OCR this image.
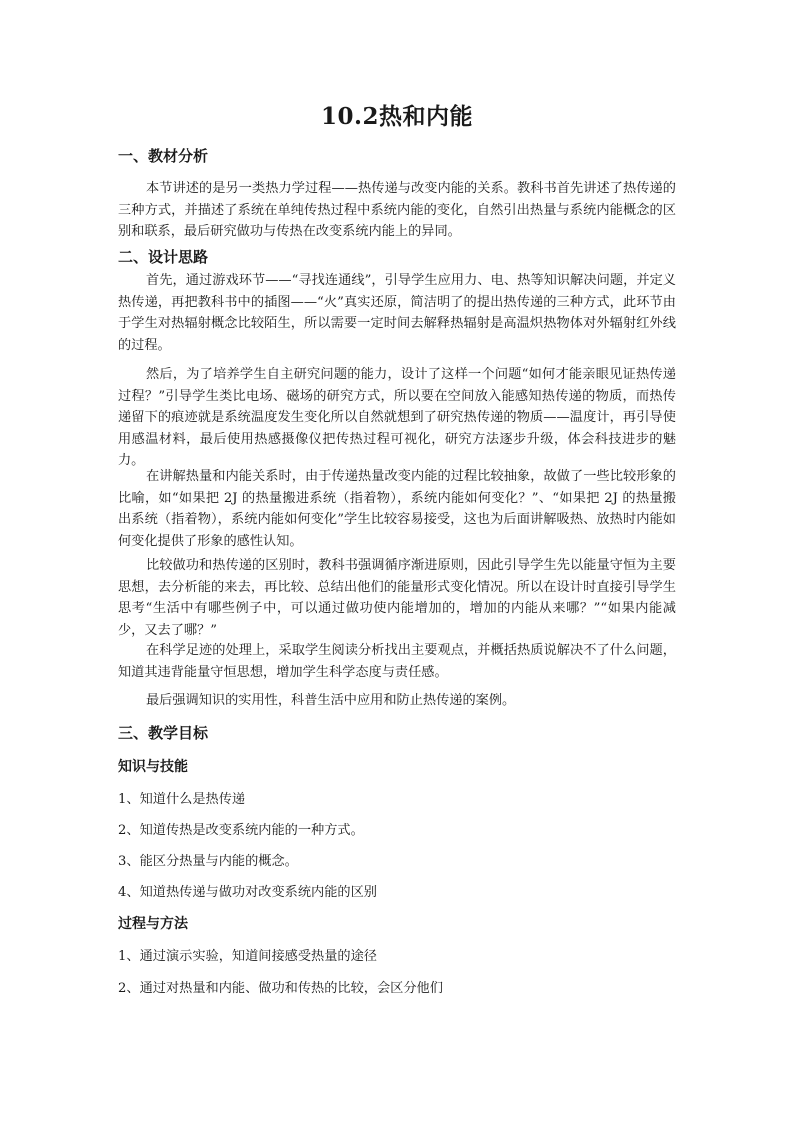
10.2热和内能
一、教材分析

本节讲述的是另一类热力学过程——热传递与改变内能的关系。教科书首先讲述了热传递的三种方式，并描述了系统在单纯传热过程中系统内能的变化，自然引出热量与系统内能概念的区别和联系，最后研究做功与传热在改变系统内能上的异同。

二、设计思路

首先，通过游戏环节——“寻找连通线”，引导学生应用力、电、热等知识解决问题，并定义热传递，再把教科书中的插图——“火”真实还原，简洁明了的提出热传递的三种方式，此环节由于学生对热辐射概念比较陌生，所以需要一定时间去解释热辐射是高温炽热物体对外辐射红外线的过程。

然后，为了培养学生自主研究问题的能力，设计了这样一个问题“如何才能亲眼见证热传递过程？”引导学生类比电场、磁场的研究方式，所以要在空间放入能感知热传递的物质，而热传递留下的痕迹就是系统温度发生变化所以自然就想到了研究热传递的物质——温度计，再引导使用感温材料，最后使用热感摄像仪把传热过程可视化，研究方法逐步升级，体会科技进步的魅力。

在讲解热量和内能关系时，由于传递热量改变内能的过程比较抽象，故做了一些比较形象的比喻，如“如果把 2J 的热量搬进系统（指着物），系统内能如何变化？”、“如果把 2J 的热量搬出系统（指着物），系统内能如何变化”学生比较容易接受，这也为后面讲解吸热、放热时内能如何变化提供了形象的感性认知。

比较做功和热传递的区别时，教科书强调循序渐进原则，因此引导学生先以能量守恒为主要思想，去分析能的来去，再比较、总结出他们的能量形式变化情况。所以在设计时直接引导学生思考“生活中有哪些例子中，可以通过做功使内能增加的，增加的内能从来哪？”“如果内能减少，又去了哪？”

在科学足迹的处理上，采取学生阅读分析找出主要观点，并概括热质说解决不了什么问题，知道其违背能量守恒思想，增加学生科学态度与责任感。

最后强调知识的实用性，科普生活中应用和防止热传递的案例。

三、教学目标
知识与技能

1、知道什么是热传递

2、知道传热是改变系统内能的一种方式。

3、能区分热量与内能的概念。

4、知道热传递与做功对改变系统内能的区别

过程与方法

1、通过演示实验，知道间接感受热量的途径

2、通过对热量和内能、做功和传热的比较，会区分他们
